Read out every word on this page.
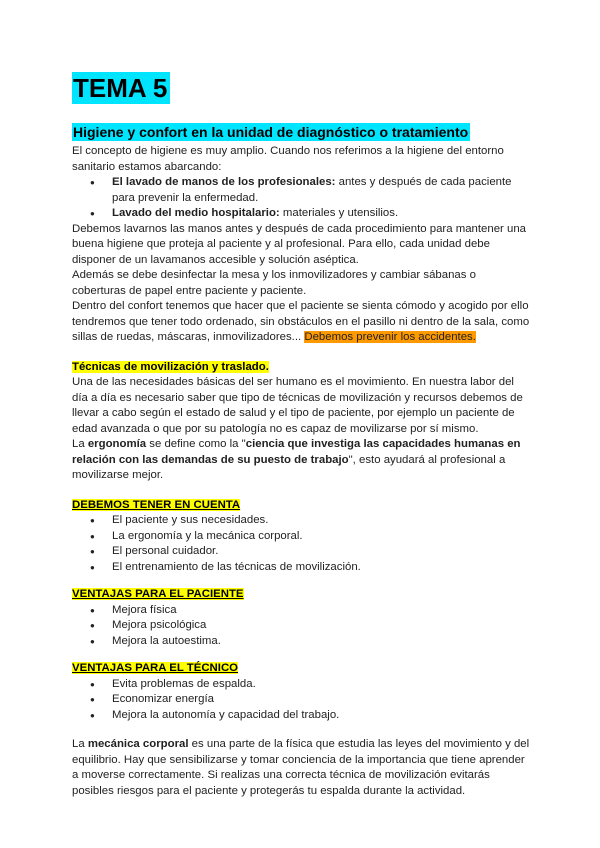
TEMA 5
Higiene y confort en la unidad de diagnóstico o tratamiento

El concepto de higiene es muy amplio. Cuando nos referimos a la higiene del entorno sanitario estamos abarcando:

● El lavado de manos de los profesionales: antes y después de cada paciente para prevenir la enfermedad.
● Lavado del medio hospitalario: materiales y utensilios.

Debemos lavarnos las manos antes y después de cada procedimiento para mantener una buena higiene que proteja al paciente y al profesional. Para ello, cada unidad debe disponer de un lavamanos accesible y solución aséptica.

Además se debe desinfectar la mesa y los inmovilizadores y cambiar sábanas o coberturas de papel entre paciente y paciente.

Dentro del confort tenemos que hacer que el paciente se sienta cómodo y acogido por ello tendremos que tener todo ordenado, sin obstáculos en el pasillo ni dentro de la sala, como sillas de ruedas, máscaras, inmovilizadores... Debemos prevenir los accidentes.

Técnicas de movilización y traslado.

Una de las necesidades básicas del ser humano es el movimiento. En nuestra labor del día a día es necesario saber que tipo de técnicas de movilización y recursos debemos de llevar a cabo según el estado de salud y el tipo de paciente, por ejemplo un paciente de edad avanzada o que por su patología no es capaz de movilizarse por sí mismo.

La ergonomía se define como la "ciencia que investiga las capacidades humanas en relación con las demandas de su puesto de trabajo", esto ayudará al profesional a movilizarse mejor.

DEBEMOS TENER EN CUENTA

● El paciente y sus necesidades.
● La ergonomía y la mecánica corporal.
● El personal cuidador.
● El entrenamiento de las técnicas de movilización.

VENTAJAS PARA EL PACIENTE

● Mejora física
● Mejora psicológica
● Mejora la autoestima.

VENTAJAS PARA EL TÉCNICO

● Evita problemas de espalda.
● Economizar energía
● Mejora la autonomía y capacidad del trabajo.

La mecánica corporal es una parte de la física que estudia las leyes del movimiento y del equilibrio. Hay que sensibilizarse y tomar conciencia de la importancia que tiene aprender a moverse correctamente. Si realizas una correcta técnica de movilización evitarás posibles riesgos para el paciente y protegerás tu espalda durante la actividad.
